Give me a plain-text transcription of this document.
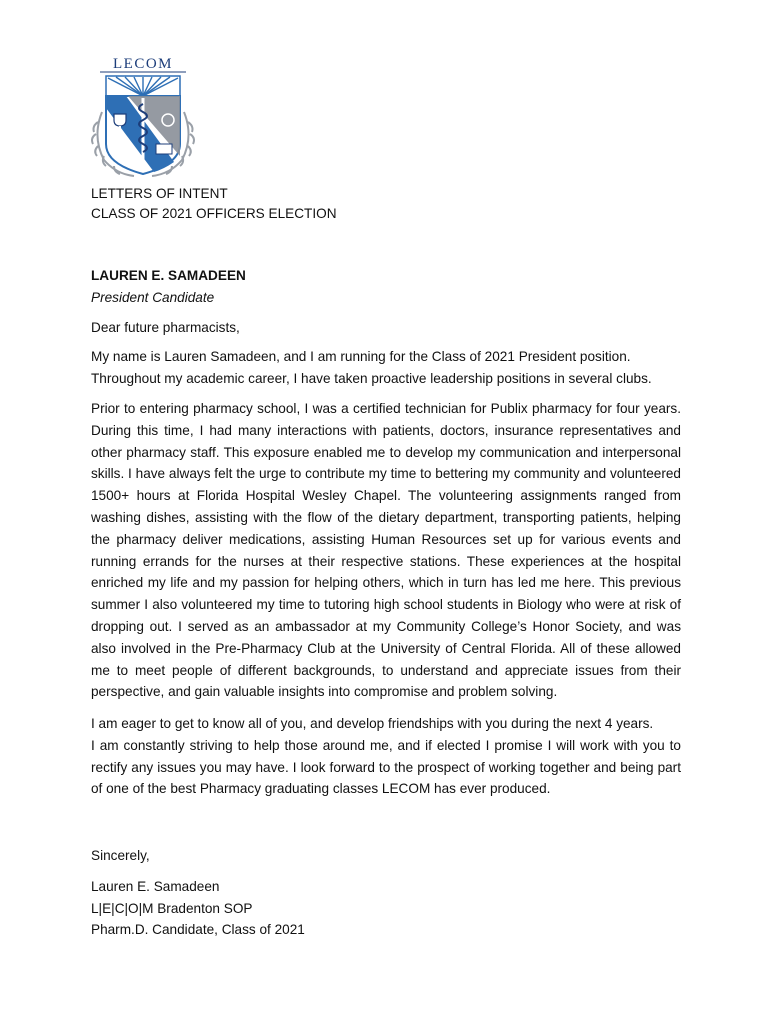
LECOM
LETTERS OF INTENT
CLASS OF 2021 OFFICERS ELECTION
LAUREN E. SAMADEEN
President Candidate
Dear future pharmacists,
My name is Lauren Samadeen, and I am running for the Class of 2021 President position. Throughout my academic career, I have taken proactive leadership positions in several clubs.
Prior to entering pharmacy school, I was a certified technician for Publix pharmacy for four years. During this time, I had many interactions with patients, doctors, insurance representatives and other pharmacy staff. This exposure enabled me to develop my communication and interpersonal skills. I have always felt the urge to contribute my time to bettering my community and volunteered 1500+ hours at Florida Hospital Wesley Chapel. The volunteering assignments ranged from washing dishes, assisting with the flow of the dietary department, transporting patients, helping the pharmacy deliver medications, assisting Human Resources set up for various events and running errands for the nurses at their respective stations. These experiences at the hospital enriched my life and my passion for helping others, which in turn has led me here. This previous summer I also volunteered my time to tutoring high school students in Biology who were at risk of dropping out. I served as an ambassador at my Community College’s Honor Society, and was also involved in the Pre-Pharmacy Club at the University of Central Florida. All of these allowed me to meet people of different backgrounds, to understand and appreciate issues from their perspective, and gain valuable insights into compromise and problem solving.
I am eager to get to know all of you, and develop friendships with you during the next 4 years.
I am constantly striving to help those around me, and if elected I promise I will work with you to rectify any issues you may have. I look forward to the prospect of working together and being part of one of the best Pharmacy graduating classes LECOM has ever produced.
Sincerely,
Lauren E. Samadeen
L|E|C|O|M Bradenton SOP
Pharm.D. Candidate, Class of 2021
